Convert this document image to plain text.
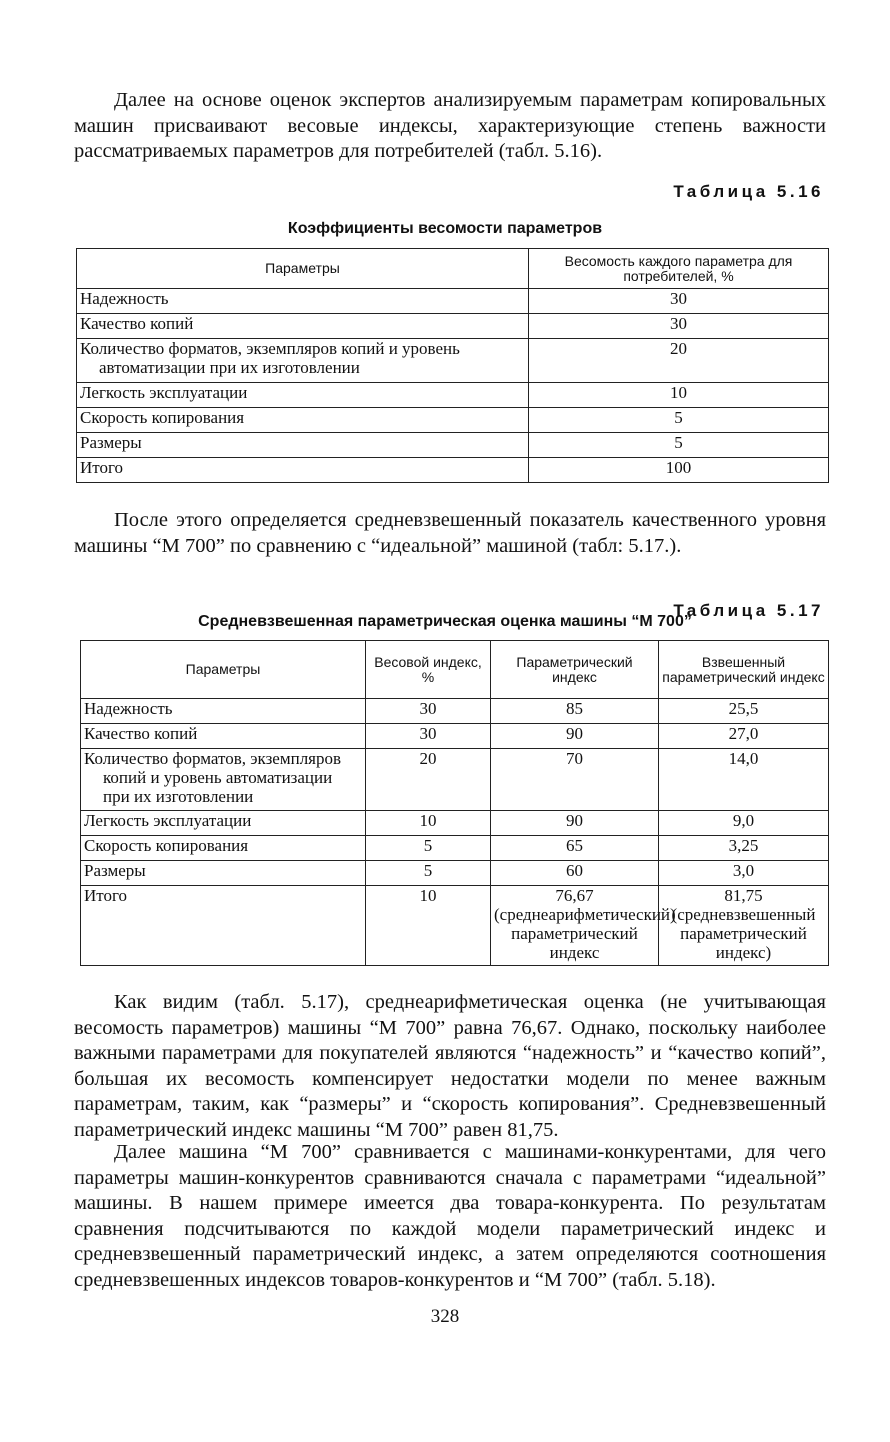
Далее на основе оценок экспертов анализируемым параметрам копировальных машин присваивают весовые индексы, характеризующие степень важности рассматриваемых параметров для потребителей (табл. 5.16).

Таблица 5.16
Коэффициенты весомости параметров
Параметры	Весомость каждого параметра для потребителей, %
Надежность	30
Качество копий	30
Количество форматов, экземпляров копий и уровень автоматизации при их изготовлении	20
Легкость эксплуатации	10
Скорость копирования	5
Размеры	5
Итого	100

После этого определяется средневзвешенный показатель качественного уровня машины “М 700” по сравнению с “идеальной” машиной (табл: 5.17.).

Таблица 5.17
Средневзвешенная параметрическая оценка машины “М 700”
Параметры	Весовой индекс, %	Параметрический индекс	Взвешенный параметрический индекс
Надежность	30	85	25,5
Качество копий	30	90	27,0
Количество форматов, экземпляров копий и уровень автоматизации при их изготовлении	20	70	14,0
Легкость эксплуатации	10	90	9,0
Скорость копирования	5	65	3,25
Размеры	5	60	3,0
Итого	10	76,67 (среднеарифметический) параметрический индекс	81,75 (средневзвешенный параметрический индекс)

Как видим (табл. 5.17), среднеарифметическая оценка (не учитывающая весомость параметров) машины “М 700” равна 76,67. Однако, поскольку наиболее важными параметрами для покупателей являются “надежность” и “качество копий”, большая их весомость компенсирует недостатки модели по менее важным параметрам, таким, как “размеры” и “скорость копирования”. Средневзвешенный параметрический индекс машины “М 700” равен 81,75.

Далее машина “М 700” сравнивается с машинами-конкурентами, для чего параметры машин-конкурентов сравниваются сначала с параметрами “идеальной” машины. В нашем примере имеется два товара-конкурента. По результатам сравнения подсчитываются по каждой модели параметрический индекс и средневзвешенный параметрический индекс, а затем определяются соотношения средневзвешенных индексов товаров-конкурентов и “М 700” (табл. 5.18).

328
